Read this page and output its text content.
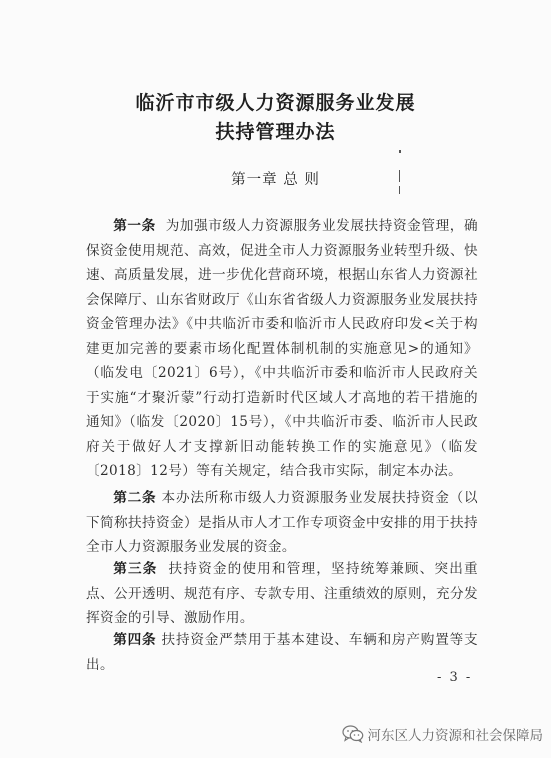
临沂市市级人力资源服务业发展
扶持管理办法
第一章 总 则

第一条 为加强市级人力资源服务业发展扶持资金管理，确保资金使用规范、高效，促进全市人力资源服务业转型升级、快速、高质量发展，进一步优化营商环境，根据山东省人力资源社会保障厅、山东省财政厅《山东省省级人力资源服务业发展扶持资金管理办法》《中共临沂市委和临沂市人民政府印发<关于构建更加完善的要素市场化配置体制机制的实施意见>的通知》（临发电〔2021〕6号），《中共临沂市委和临沂市人民政府关于实施“才聚沂蒙”行动打造新时代区域人才高地的若干措施的通知》（临发〔2020〕15号），《中共临沂市委、临沂市人民政府关于做好人才支撑新旧动能转换工作的实施意见》（临发〔2018〕12号）等有关规定，结合我市实际，制定本办法。

第二条 本办法所称市级人力资源服务业发展扶持资金（以下简称扶持资金）是指从市人才工作专项资金中安排的用于扶持全市人力资源服务业发展的资金。

第三条 扶持资金的使用和管理，坚持统筹兼顾、突出重点、公开透明、规范有序、专款专用、注重绩效的原则，充分发挥资金的引导、激励作用。

第四条 扶持资金严禁用于基本建设、车辆和房产购置等支出。

- 3 -
河东区人力资源和社会保障局
